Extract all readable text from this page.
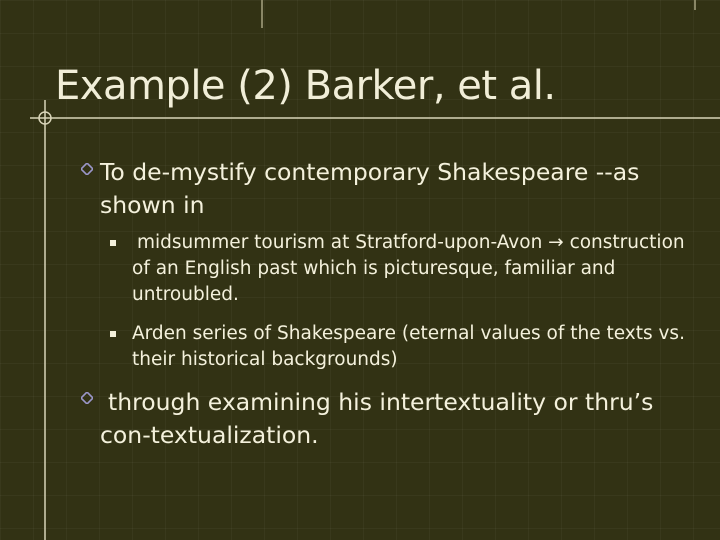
Example (2) Barker, et al.
To de-mystify contemporary Shakespeare --as shown in
midsummer tourism at Stratford-upon-Avon → construction of an English past which is picturesque, familiar and untroubled.
Arden series of Shakespeare (eternal values of the texts vs. their historical backgrounds)
through examining his intertextuality or thru’s con-textualization.
